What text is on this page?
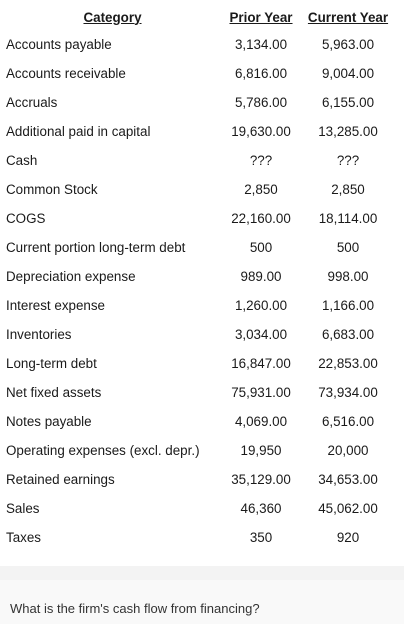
Category	Prior Year	Current Year
Accounts payable	3,134.00	5,963.00
Accounts receivable	6,816.00	9,004.00
Accruals	5,786.00	6,155.00
Additional paid in capital	19,630.00	13,285.00
Cash	???	???
Common Stock	2,850	2,850
COGS	22,160.00	18,114.00
Current portion long-term debt	500	500
Depreciation expense	989.00	998.00
Interest expense	1,260.00	1,166.00
Inventories	3,034.00	6,683.00
Long-term debt	16,847.00	22,853.00
Net fixed assets	75,931.00	73,934.00
Notes payable	4,069.00	6,516.00
Operating expenses (excl. depr.)	19,950	20,000
Retained earnings	35,129.00	34,653.00
Sales	46,360	45,062.00
Taxes	350	920
What is the firm's cash flow from financing?
